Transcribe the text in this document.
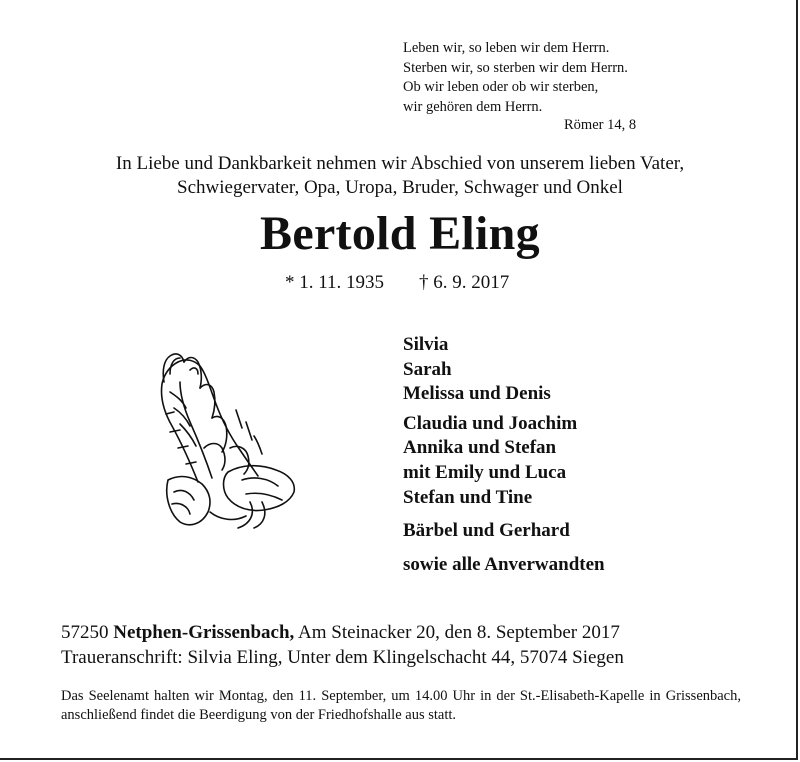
Leben wir, so leben wir dem Herrn.
Sterben wir, so sterben wir dem Herrn.
Ob wir leben oder ob wir sterben,
wir gehören dem Herrn.
Römer 14, 8
In Liebe und Dankbarkeit nehmen wir Abschied von unserem lieben Vater,
Schwiegervater, Opa, Uropa, Bruder, Schwager und Onkel
Bertold Eling
* 1. 11. 1935 † 6. 9. 2017
Silvia
Sarah
Melissa und Denis
Claudia und Joachim
Annika und Stefan
mit Emily und Luca
Stefan und Tine
Bärbel und Gerhard
sowie alle Anverwandten
57250 Netphen-Grissenbach, Am Steinacker 20, den 8. September 2017
Traueranschrift: Silvia Eling, Unter dem Klingelschacht 44, 57074 Siegen
Das Seelenamt halten wir Montag, den 11. September, um 14.00 Uhr in der St.-Elisabeth-Kapelle in Grissenbach, anschließend findet die Beerdigung von der Friedhofshalle aus statt.
